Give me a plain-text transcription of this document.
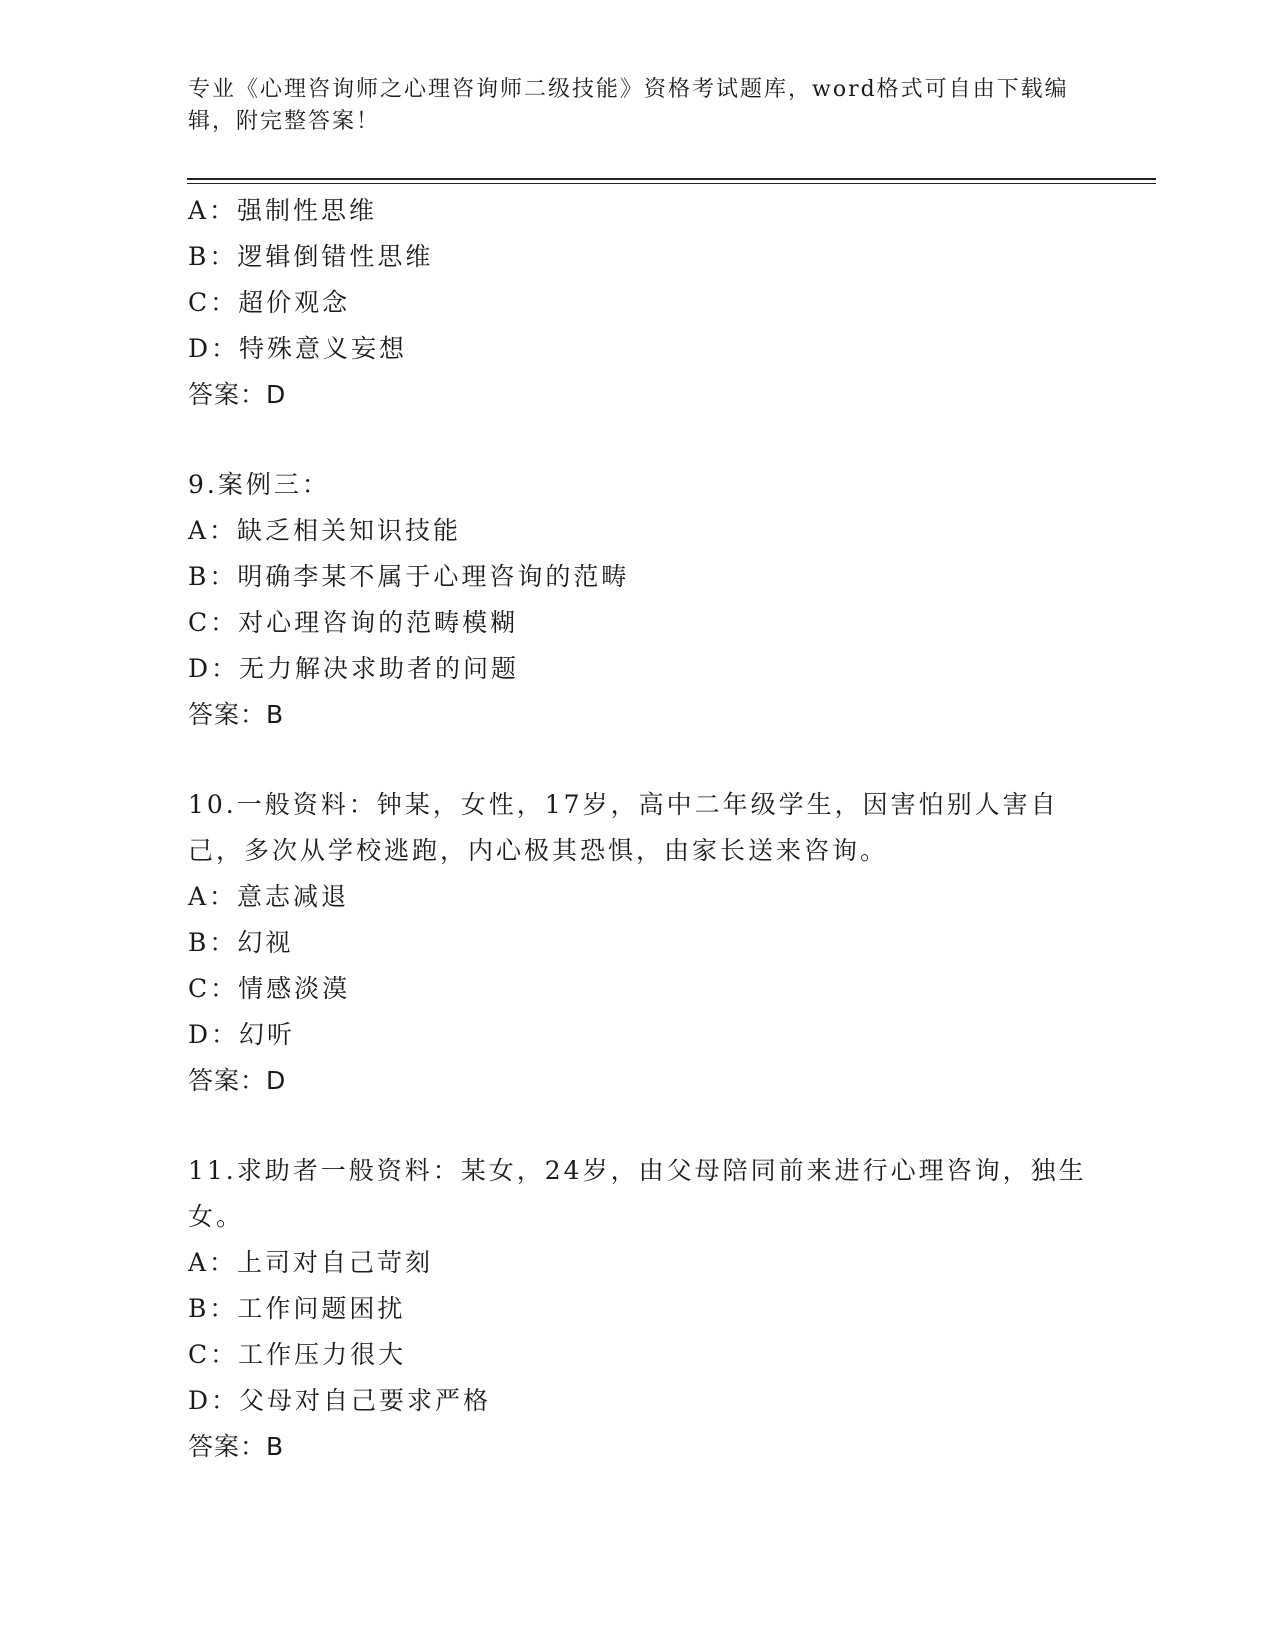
专业《心理咨询师之心理咨询师二级技能》资格考试题库，word格式可自由下载编辑，附完整答案！
A：强制性思维
B：逻辑倒错性思维
C：超价观念
D：特殊意义妄想
答案：D
9.案例三：
A：缺乏相关知识技能
B：明确李某不属于心理咨询的范畴
C：对心理咨询的范畴模糊
D：无力解决求助者的问题
答案：B
10.一般资料：钟某，女性，17岁，高中二年级学生，因害怕别人害自己，多次从学校逃跑，内心极其恐惧，由家长送来咨询。
A：意志减退
B：幻视
C：情感淡漠
D：幻听
答案：D
11.求助者一般资料：某女，24岁，由父母陪同前来进行心理咨询，独生女。
A：上司对自己苛刻
B：工作问题困扰
C：工作压力很大
D：父母对自己要求严格
答案：B
